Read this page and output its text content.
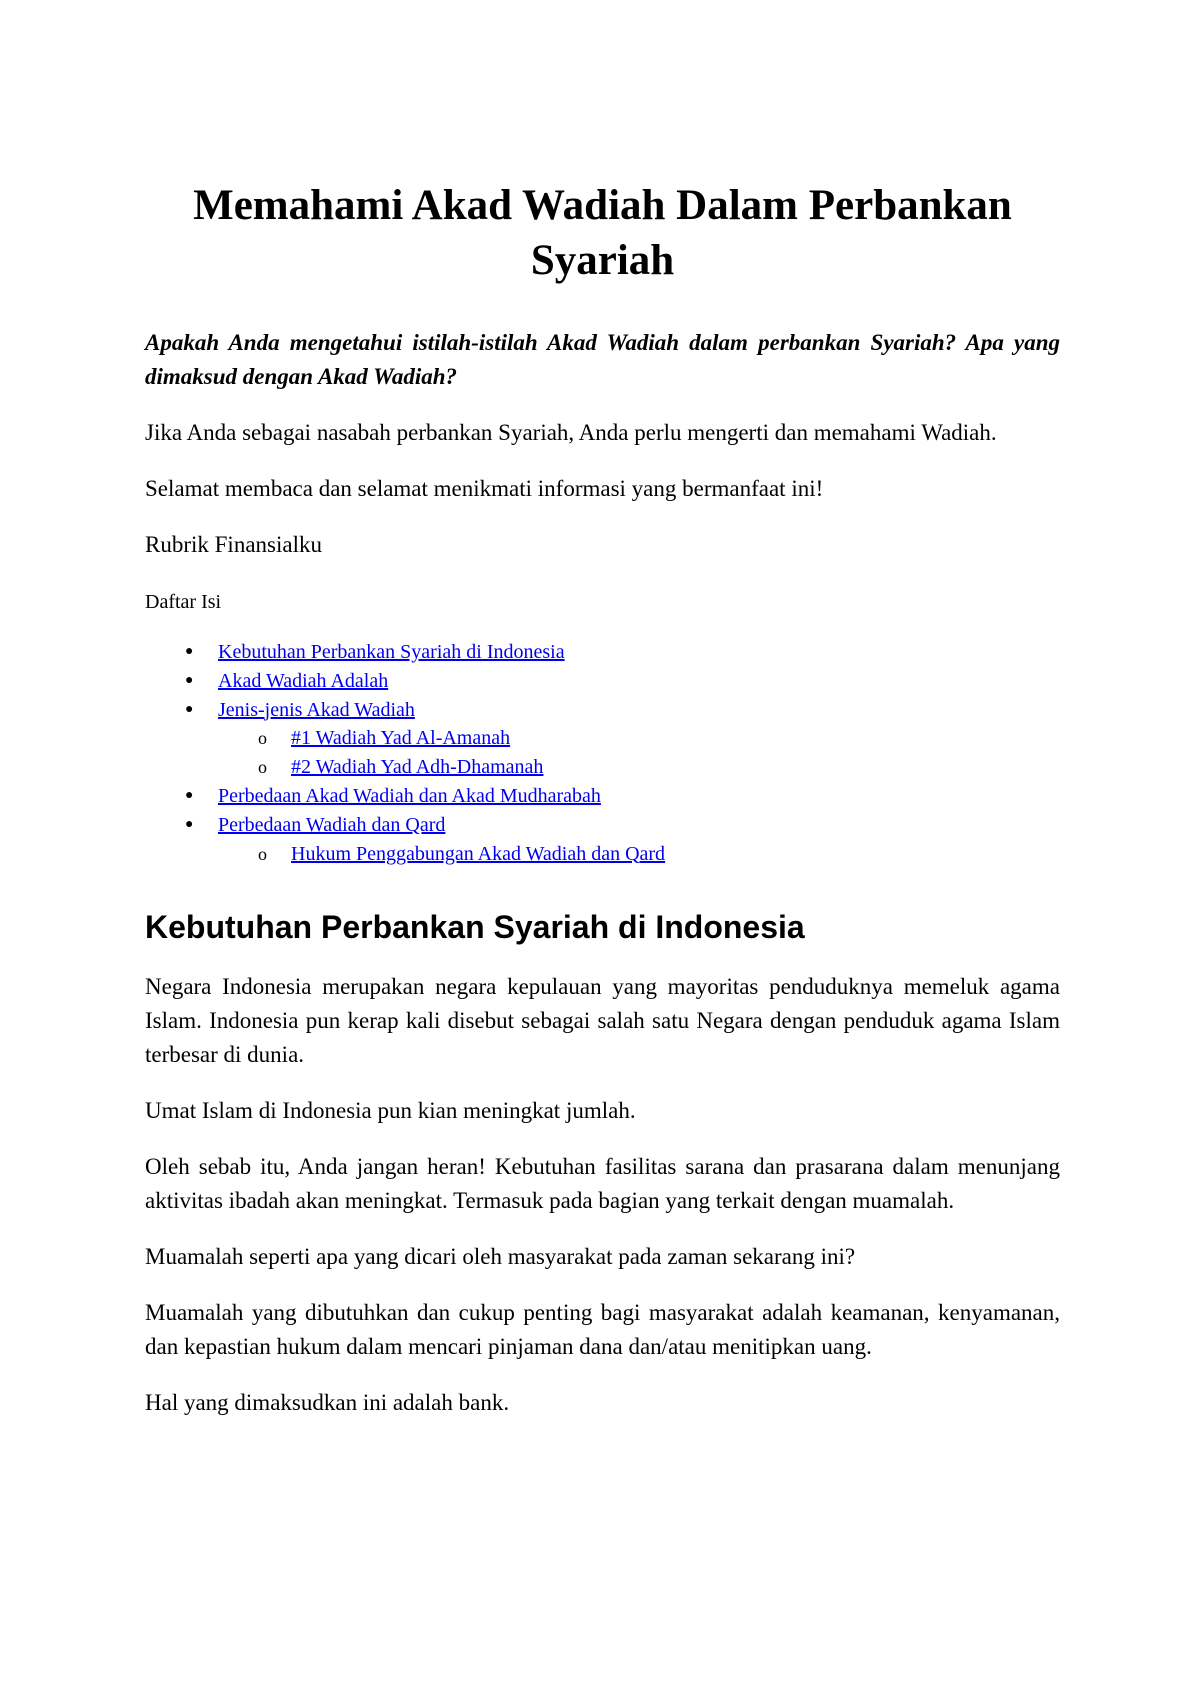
Memahami Akad Wadiah Dalam Perbankan Syariah

Apakah Anda mengetahui istilah-istilah Akad Wadiah dalam perbankan Syariah? Apa yang dimaksud dengan Akad Wadiah?

Jika Anda sebagai nasabah perbankan Syariah, Anda perlu mengerti dan memahami Wadiah.

Selamat membaca dan selamat menikmati informasi yang bermanfaat ini!

Rubrik Finansialku

Daftar Isi
● Kebutuhan Perbankan Syariah di Indonesia
● Akad Wadiah Adalah
● Jenis-jenis Akad Wadiah
o #1 Wadiah Yad Al-Amanah
o #2 Wadiah Yad Adh-Dhamanah
● Perbedaan Akad Wadiah dan Akad Mudharabah
● Perbedaan Wadiah dan Qard
o Hukum Penggabungan Akad Wadiah dan Qard
Kebutuhan Perbankan Syariah di Indonesia

Negara Indonesia merupakan negara kepulauan yang mayoritas penduduknya memeluk agama Islam. Indonesia pun kerap kali disebut sebagai salah satu Negara dengan penduduk agama Islam terbesar di dunia.

Umat Islam di Indonesia pun kian meningkat jumlah.

Oleh sebab itu, Anda jangan heran! Kebutuhan fasilitas sarana dan prasarana dalam menunjang aktivitas ibadah akan meningkat. Termasuk pada bagian yang terkait dengan muamalah.

Muamalah seperti apa yang dicari oleh masyarakat pada zaman sekarang ini?

Muamalah yang dibutuhkan dan cukup penting bagi masyarakat adalah keamanan, kenyamanan, dan kepastian hukum dalam mencari pinjaman dana dan/atau menitipkan uang.

Hal yang dimaksudkan ini adalah bank.
